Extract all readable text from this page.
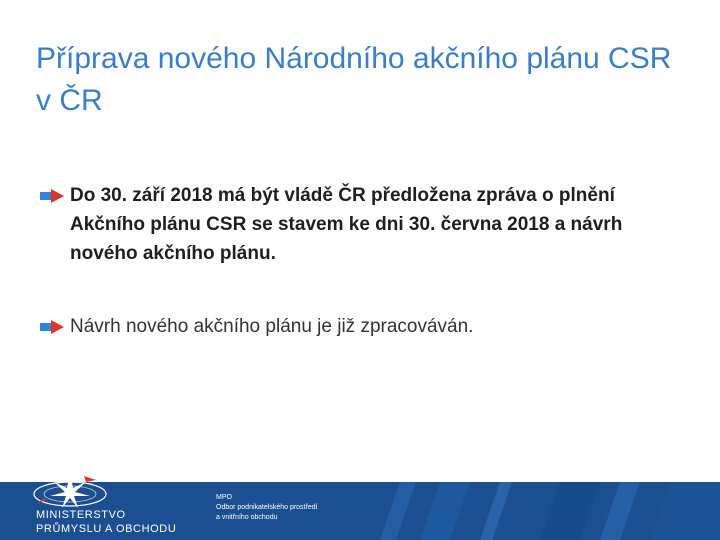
Příprava nového Národního akčního plánu CSR v ČR
Do 30. září 2018 má být vládě ČR předložena zpráva o plnění Akčního plánu CSR se stavem ke dni 30. června 2018 a návrh nového akčního plánu.
Návrh nového akčního plánu je již zpracováván.
MINISTERSTVO
PRŮMYSLU A OBCHODU
MPO
Odbor podnikatelského prostředí
a vnitřního obchodu
